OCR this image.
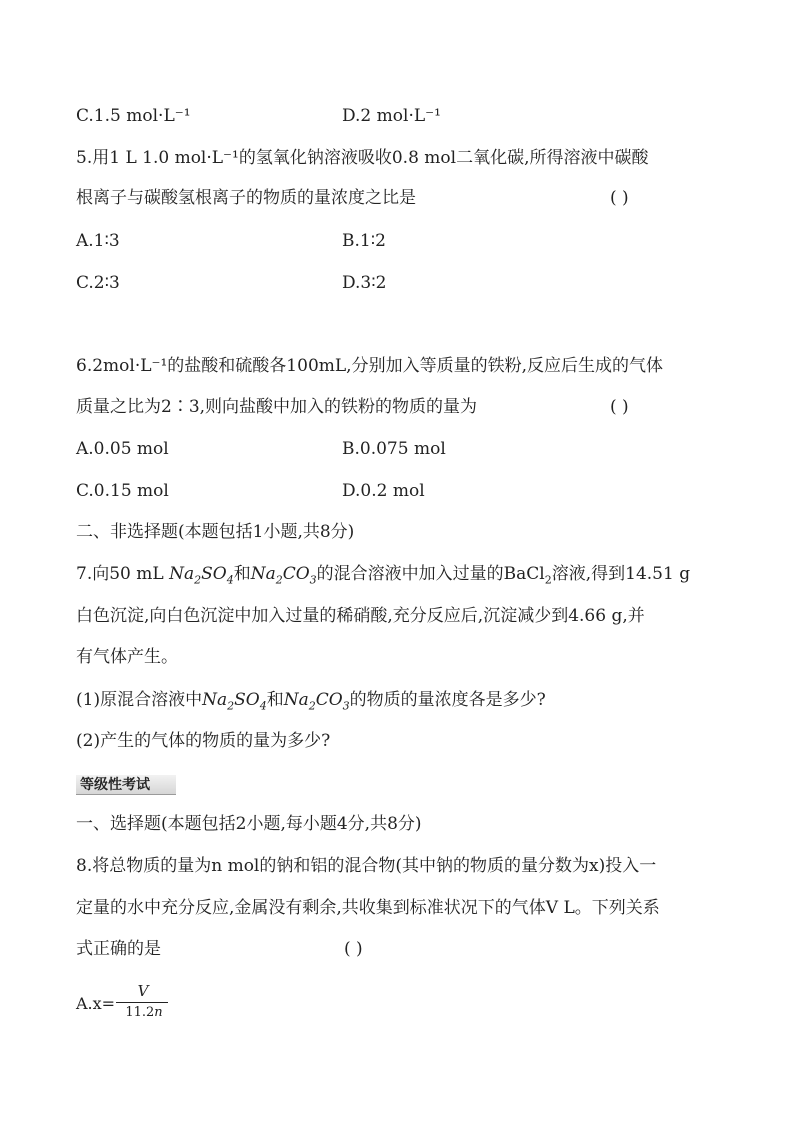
C.1.5 mol·L⁻¹	D.2 mol·L⁻¹
5.用1 L 1.0 mol·L⁻¹的氢氧化钠溶液吸收0.8 mol二氧化碳,所得溶液中碳酸
根离子与碳酸氢根离子的物质的量浓度之比是	( )
A.1∶3	B.1∶2
C.2∶3	D.3∶2
6.2mol·L⁻¹的盐酸和硫酸各100mL,分别加入等质量的铁粉,反应后生成的气体
质量之比为2∶3,则向盐酸中加入的铁粉的物质的量为	( )
A.0.05 mol	B.0.075 mol
C.0.15 mol	D.0.2 mol
二、非选择题(本题包括1小题,共8分)
7.向50 mL $Na_2SO_4$和$Na_2CO_3$的混合溶液中加入过量的BaCl$_2$溶液,得到14.51 g
白色沉淀,向白色沉淀中加入过量的稀硝酸,充分反应后,沉淀减少到4.66 g,并
有气体产生。
(1)原混合溶液中$Na_2SO_4$和$Na_2CO_3$的物质的量浓度各是多少?
(2)产生的气体的物质的量为多少?
等级性考试
一、选择题(本题包括2小题,每小题4分,共8分)
8.将总物质的量为n mol的钠和铝的混合物(其中钠的物质的量分数为x)投入一
定量的水中充分反应,金属没有剩余,共收集到标准状况下的气体V L。下列关系
式正确的是	( )
A.x=
V
11.2n
